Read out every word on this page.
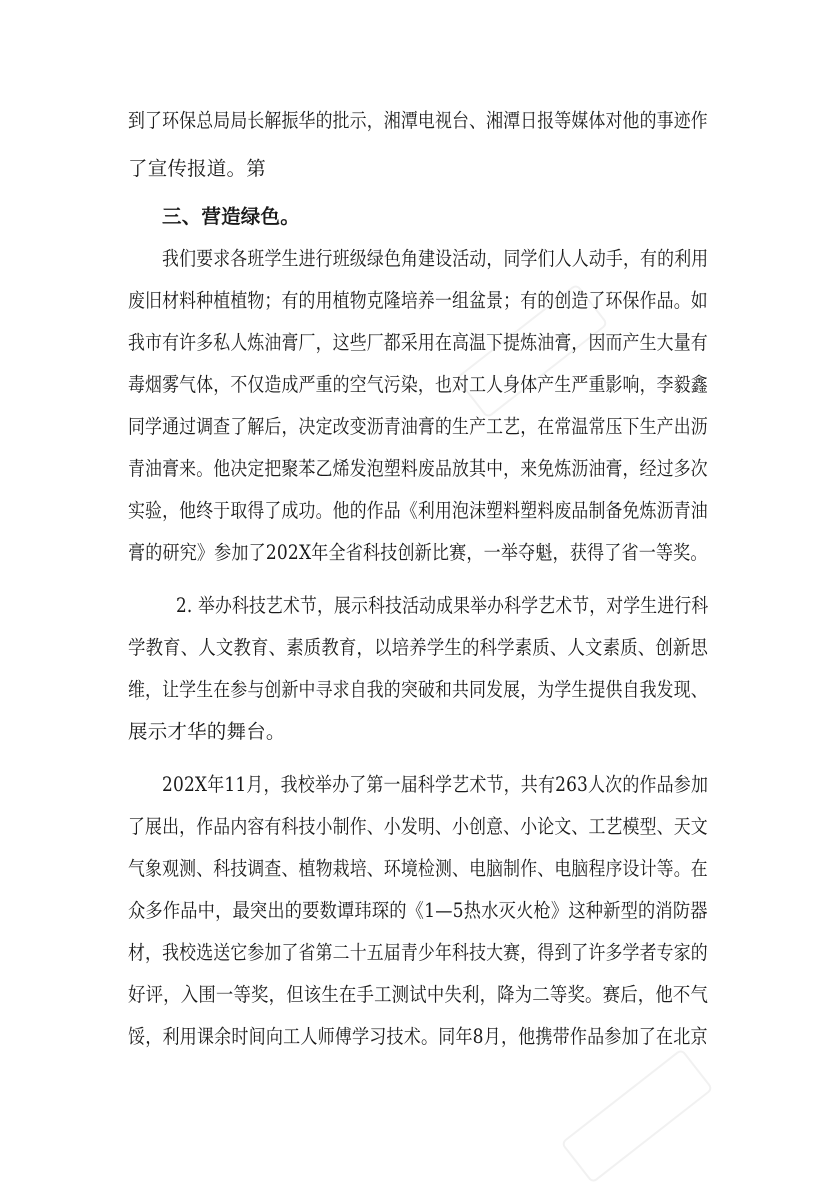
到了环保总局局长解振华的批示，湘潭电视台、湘潭日报等媒体对他的事迹作
了宣传报道。第
三、营造绿色。
我们要求各班学生进行班级绿色角建设活动，同学们人人动手，有的利用
废旧材料种植植物；有的用植物克隆培养一组盆景；有的创造了环保作品。如
我市有许多私人炼油膏厂，这些厂都采用在高温下提炼油膏，因而产生大量有
毒烟雾气体，不仅造成严重的空气污染，也对工人身体产生严重影响，李毅鑫
同学通过调查了解后，决定改变沥青油膏的生产工艺，在常温常压下生产出沥
青油膏来。他决定把聚苯乙烯发泡塑料废品放其中，来免炼沥油膏，经过多次
实验，他终于取得了成功。他的作品《利用泡沫塑料塑料废品制备免炼沥青油
膏的研究》参加了202X年全省科技创新比赛，一举夺魁，获得了省一等奖。
2. 举办科技艺术节，展示科技活动成果举办科学艺术节，对学生进行科
学教育、人文教育、素质教育，以培养学生的科学素质、人文素质、创新思
维，让学生在参与创新中寻求自我的突破和共同发展，为学生提供自我发现、
展示才华的舞台。
202X年11月，我校举办了第一届科学艺术节，共有263人次的作品参加
了展出，作品内容有科技小制作、小发明、小创意、小论文、工艺模型、天文
气象观测、科技调查、植物栽培、环境检测、电脑制作、电脑程序设计等。在
众多作品中，最突出的要数谭玮琛的《1—5热水灭火枪》这种新型的消防器
材，我校选送它参加了省第二十五届青少年科技大赛，得到了许多学者专家的
好评，入围一等奖，但该生在手工测试中失利，降为二等奖。赛后，他不气
馁，利用课余时间向工人师傅学习技术。同年8月，他携带作品参加了在北京
